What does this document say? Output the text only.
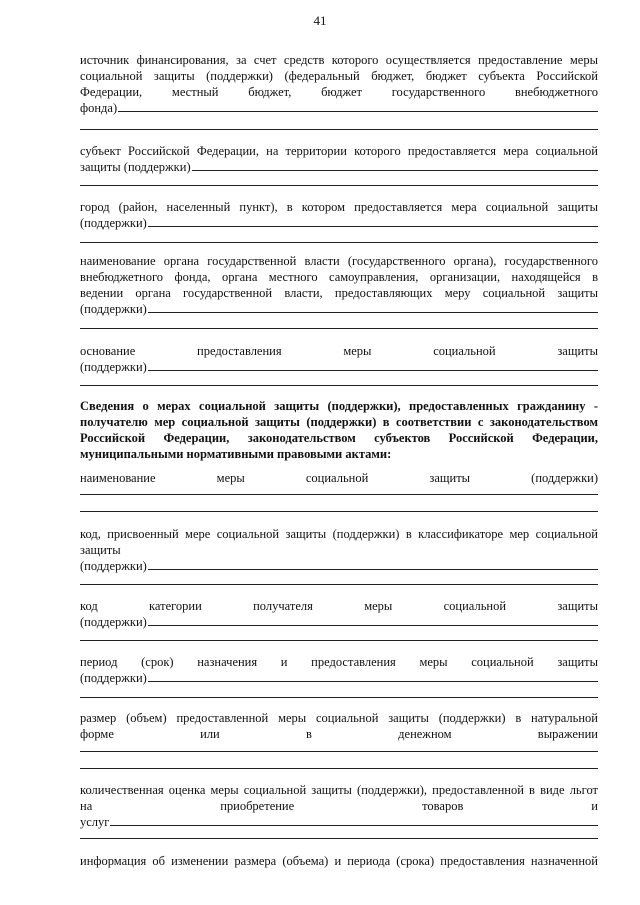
41
источник финансирования, за счет средств которого осуществляется предоставление меры
социальной защиты (поддержки) (федеральный бюджет, бюджет субъекта Российской
Федерации, местный бюджет, бюджет государственного внебюджетного
фонда)
субъект Российской Федерации, на территории которого предоставляется мера социальной
защиты (поддержки)
город (район, населенный пункт), в котором предоставляется мера социальной защиты
(поддержки)
наименование органа государственной власти (государственного органа), государственного
внебюджетного фонда, органа местного самоуправления, организации, находящейся в
ведении органа государственной власти, предоставляющих меру социальной защиты
(поддержки)
основание предоставления меры социальной защиты
(поддержки)
Сведения о мерах социальной защиты (поддержки), предоставленных гражданину -
получателю мер социальной защиты (поддержки) в соответствии с законодательством
Российской Федерации, законодательством субъектов Российской Федерации,
муниципальными нормативными правовыми актами:
наименование меры социальной защиты (поддержки)
код, присвоенный мере социальной защиты (поддержки) в классификаторе мер социальной
защиты
(поддержки)
код категории получателя меры социальной защиты
(поддержки)
период (срок) назначения и предоставления меры социальной защиты
(поддержки)
размер (объем) предоставленной меры социальной защиты (поддержки) в натуральной
форме или в денежном выражении
количественная оценка меры социальной защиты (поддержки), предоставленной в виде льгот
на приобретение товаров и
услуг
информация об изменении размера (объема) и периода (срока) предоставления назначенной
